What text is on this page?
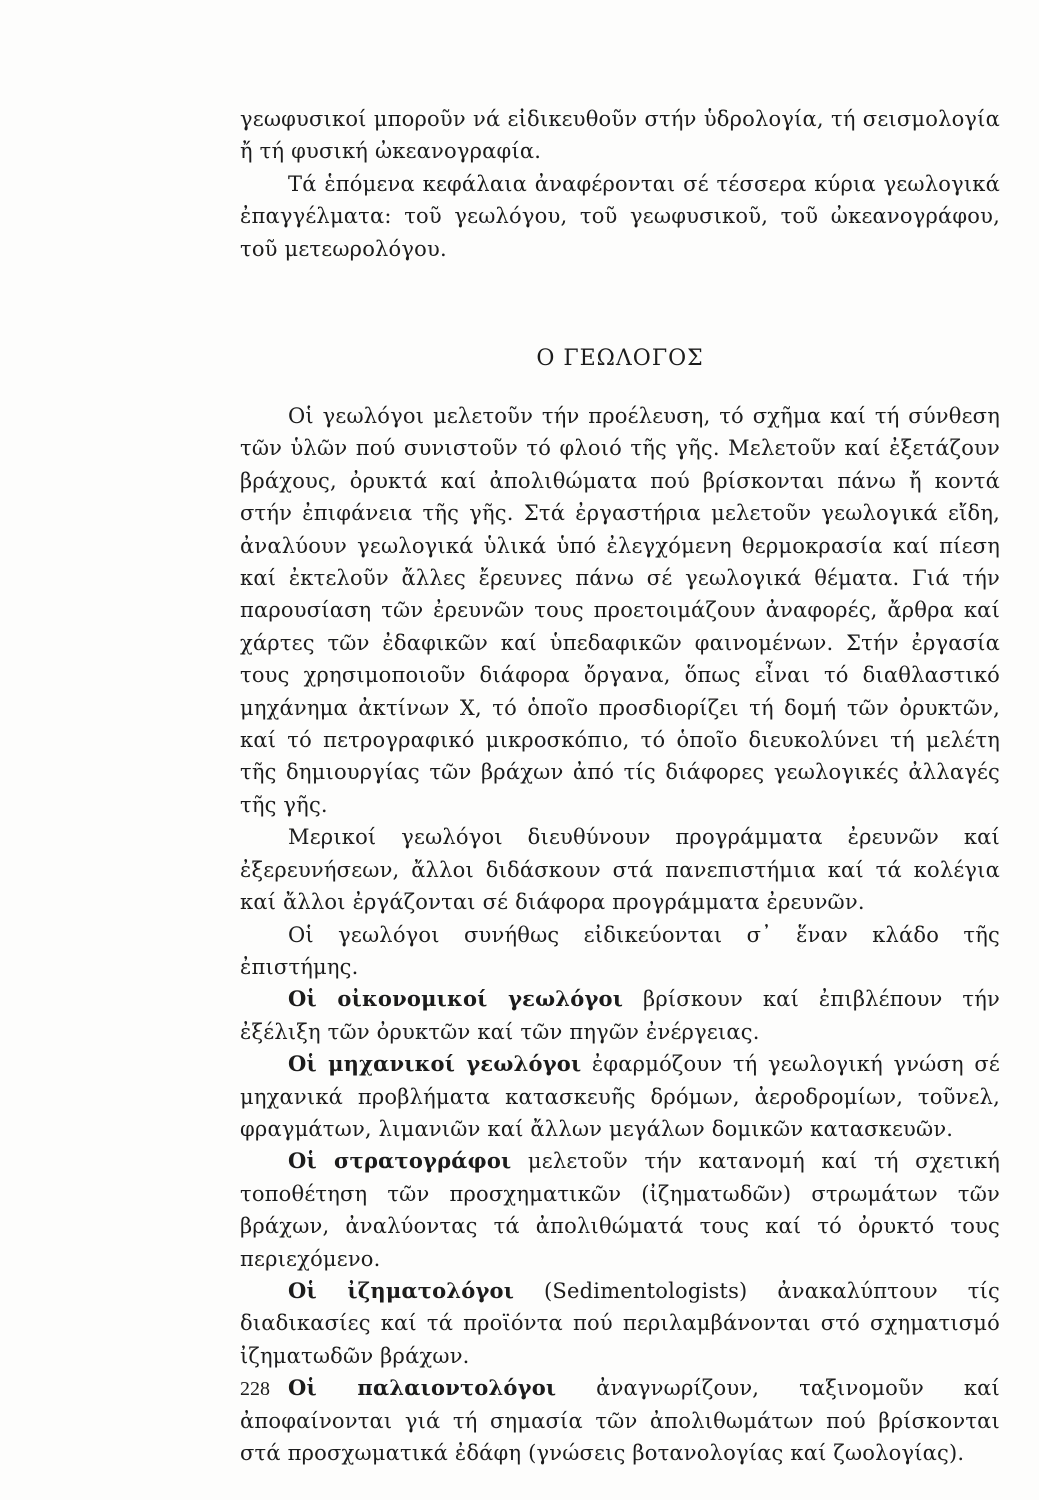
γεωφυσικοί μποροῦν νά εἰδικευθοῦν στήν ὑδρολογία, τή σεισμολογία ἤ τή φυσική ὠκεανογραφία.

Τά ἑπόμενα κεφάλαια ἀναφέρονται σέ τέσσερα κύρια γεωλογικά ἐπαγγέλματα: τοῦ γεωλόγου, τοῦ γεωφυσικοῦ, τοῦ ὠκεανογράφου, τοῦ μετεωρολόγου.

Ο ΓΕΩΛΟΓΟΣ

Οἱ γεωλόγοι μελετοῦν τήν προέλευση, τό σχῆμα καί τή σύνθεση τῶν ὑλῶν πού συνιστοῦν τό φλοιό τῆς γῆς. Μελετοῦν καί ἐξετάζουν βράχους, ὀρυκτά καί ἀπολιθώματα πού βρίσκονται πάνω ἤ κοντά στήν ἐπιφάνεια τῆς γῆς. Στά ἐργαστήρια μελετοῦν γεωλογικά εἴδη, ἀναλύουν γεωλογικά ὑλικά ὑπό ἐλεγχόμενη θερμοκρασία καί πίεση καί ἐκτελοῦν ἄλλες ἔρευνες πάνω σέ γεωλογικά θέματα. Γιά τήν παρουσίαση τῶν ἐρευνῶν τους προετοιμάζουν ἀναφορές, ἄρθρα καί χάρτες τῶν ἐδαφικῶν καί ὑπεδαφικῶν φαινομένων. Στήν ἐργασία τους χρησιμοποιοῦν διάφορα ὄργανα, ὅπως εἶναι τό διαθλαστικό μηχάνημα ἀκτίνων Χ, τό ὁποῖο προσδιορίζει τή δομή τῶν ὀρυκτῶν, καί τό πετρογραφικό μικροσκόπιο, τό ὁποῖο διευκολύνει τή μελέτη τῆς δημιουργίας τῶν βράχων ἀπό τίς διάφορες γεωλογικές ἀλλαγές τῆς γῆς.

Μερικοί γεωλόγοι διευθύνουν προγράμματα ἐρευνῶν καί ἐξερευνήσεων, ἄλλοι διδάσκουν στά πανεπιστήμια καί τά κολέγια καί ἄλλοι ἐργάζονται σέ διάφορα προγράμματα ἐρευνῶν.

Οἱ γεωλόγοι συνήθως εἰδικεύονται σ᾽ ἕναν κλάδο τῆς ἐπιστήμης.

Οἱ οἰκονομικοί γεωλόγοι βρίσκουν καί ἐπιβλέπουν τήν ἐξέλιξη τῶν ὀρυκτῶν καί τῶν πηγῶν ἐνέργειας.

Οἱ μηχανικοί γεωλόγοι ἐφαρμόζουν τή γεωλογική γνώση σέ μηχανικά προβλήματα κατασκευῆς δρόμων, ἀεροδρομίων, τοῦνελ, φραγμάτων, λιμανιῶν καί ἄλλων μεγάλων δομικῶν κατασκευῶν.

Οἱ στρατογράφοι μελετοῦν τήν κατανομή καί τή σχετική τοποθέτηση τῶν προσχηματικῶν (ἰζηματωδῶν) στρωμάτων τῶν βράχων, ἀναλύοντας τά ἀπολιθώματά τους καί τό ὀρυκτό τους περιεχόμενο.

Οἱ ἰζηματολόγοι (Sedimentologists) ἀνακαλύπτουν τίς διαδικασίες καί τά προϊόντα πού περιλαμβάνονται στό σχηματισμό ἰζηματωδῶν βράχων.

Οἱ παλαιοντολόγοι ἀναγνωρίζουν, ταξινομοῦν καί ἀποφαίνονται γιά τή σημασία τῶν ἀπολιθωμάτων πού βρίσκονται στά προσχωματικά ἐδάφη (γνώσεις βοτανολογίας καί ζωολογίας).

228
